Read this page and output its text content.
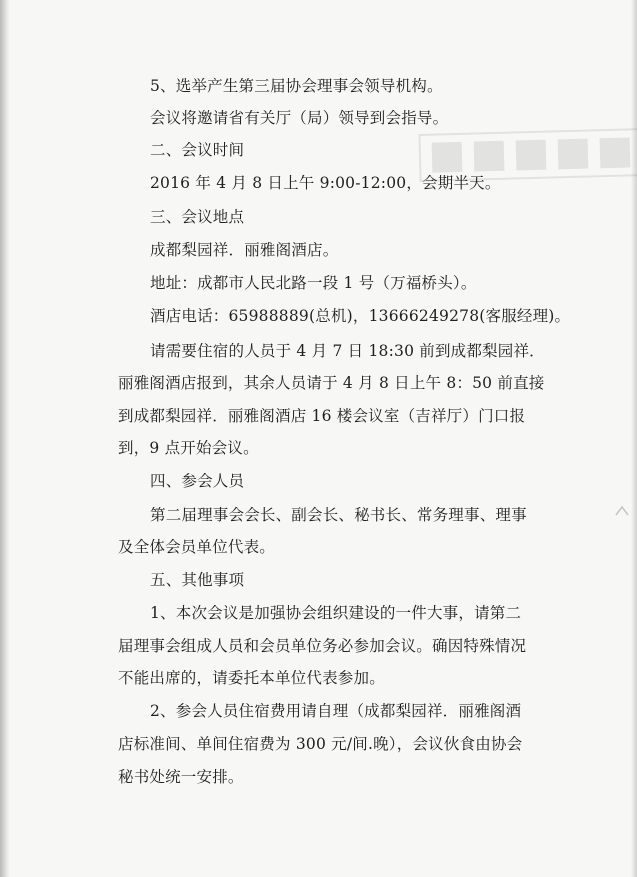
5、选举产生第三届协会理事会领导机构。
会议将邀请省有关厅（局）领导到会指导。
二、会议时间
2016 年 4 月 8 日上午 9:00-12:00，会期半天。
三、会议地点
成都梨园祥．丽雅阁酒店。
地址：成都市人民北路一段 1 号（万福桥头）。
酒店电话：65988889(总机)，13666249278(客服经理)。
请需要住宿的人员于 4 月 7 日 18:30 前到成都梨园祥．
丽雅阁酒店报到，其余人员请于 4 月 8 日上午 8：50 前直接
到成都梨园祥．丽雅阁酒店 16 楼会议室（吉祥厅）门口报
到，9 点开始会议。
四、参会人员
第二届理事会会长、副会长、秘书长、常务理事、理事
及全体会员单位代表。
五、其他事项
1、本次会议是加强协会组织建设的一件大事，请第二
届理事会组成人员和会员单位务必参加会议。确因特殊情况
不能出席的，请委托本单位代表参加。
2、参会人员住宿费用请自理（成都梨园祥．丽雅阁酒
店标准间、单间住宿费为 300 元/间.晚），会议伙食由协会
秘书处统一安排。
